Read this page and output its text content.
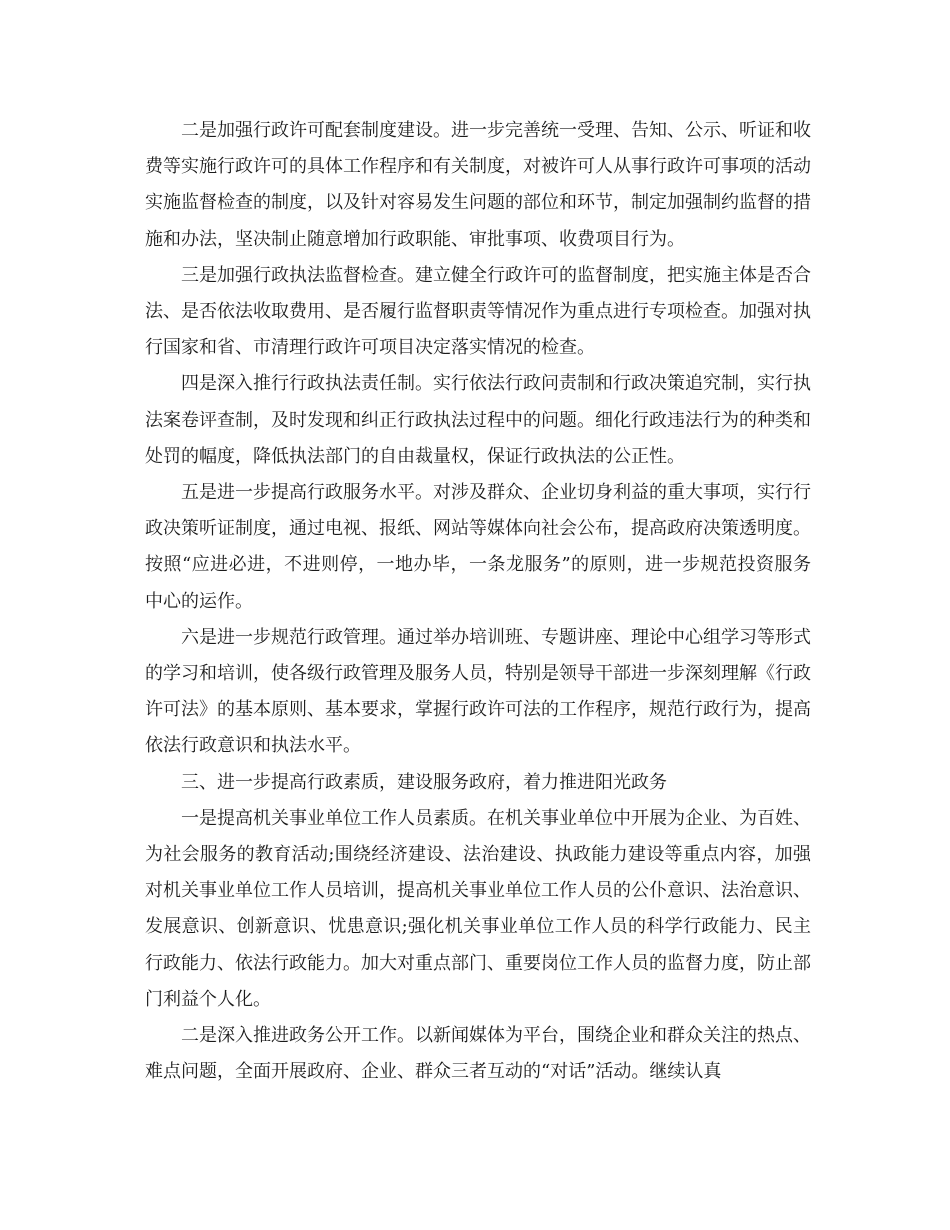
二是加强行政许可配套制度建设。进一步完善统一受理、告知、公示、听证和收费等实施行政许可的具体工作程序和有关制度，对被许可人从事行政许可事项的活动实施监督检查的制度，以及针对容易发生问题的部位和环节，制定加强制约监督的措施和办法，坚决制止随意增加行政职能、审批事项、收费项目行为。

三是加强行政执法监督检查。建立健全行政许可的监督制度，把实施主体是否合法、是否依法收取费用、是否履行监督职责等情况作为重点进行专项检查。加强对执行国家和省、市清理行政许可项目决定落实情况的检查。

四是深入推行行政执法责任制。实行依法行政问责制和行政决策追究制，实行执法案卷评查制，及时发现和纠正行政执法过程中的问题。细化行政违法行为的种类和处罚的幅度，降低执法部门的自由裁量权，保证行政执法的公正性。

五是进一步提高行政服务水平。对涉及群众、企业切身利益的重大事项，实行行政决策听证制度，通过电视、报纸、网站等媒体向社会公布，提高政府决策透明度。按照“应进必进，不进则停，一地办毕，一条龙服务”的原则，进一步规范投资服务中心的运作。

六是进一步规范行政管理。通过举办培训班、专题讲座、理论中心组学习等形式的学习和培训，使各级行政管理及服务人员，特别是领导干部进一步深刻理解《行政许可法》的基本原则、基本要求，掌握行政许可法的工作程序，规范行政行为，提高依法行政意识和执法水平。

三、进一步提高行政素质，建设服务政府，着力推进阳光政务

一是提高机关事业单位工作人员素质。在机关事业单位中开展为企业、为百姓、为社会服务的教育活动;围绕经济建设、法治建设、执政能力建设等重点内容，加强对机关事业单位工作人员培训，提高机关事业单位工作人员的公仆意识、法治意识、发展意识、创新意识、忧患意识;强化机关事业单位工作人员的科学行政能力、民主行政能力、依法行政能力。加大对重点部门、重要岗位工作人员的监督力度，防止部门利益个人化。

二是深入推进政务公开工作。以新闻媒体为平台，围绕企业和群众关注的热点、难点问题，全面开展政府、企业、群众三者互动的“对话”活动。继续认真
